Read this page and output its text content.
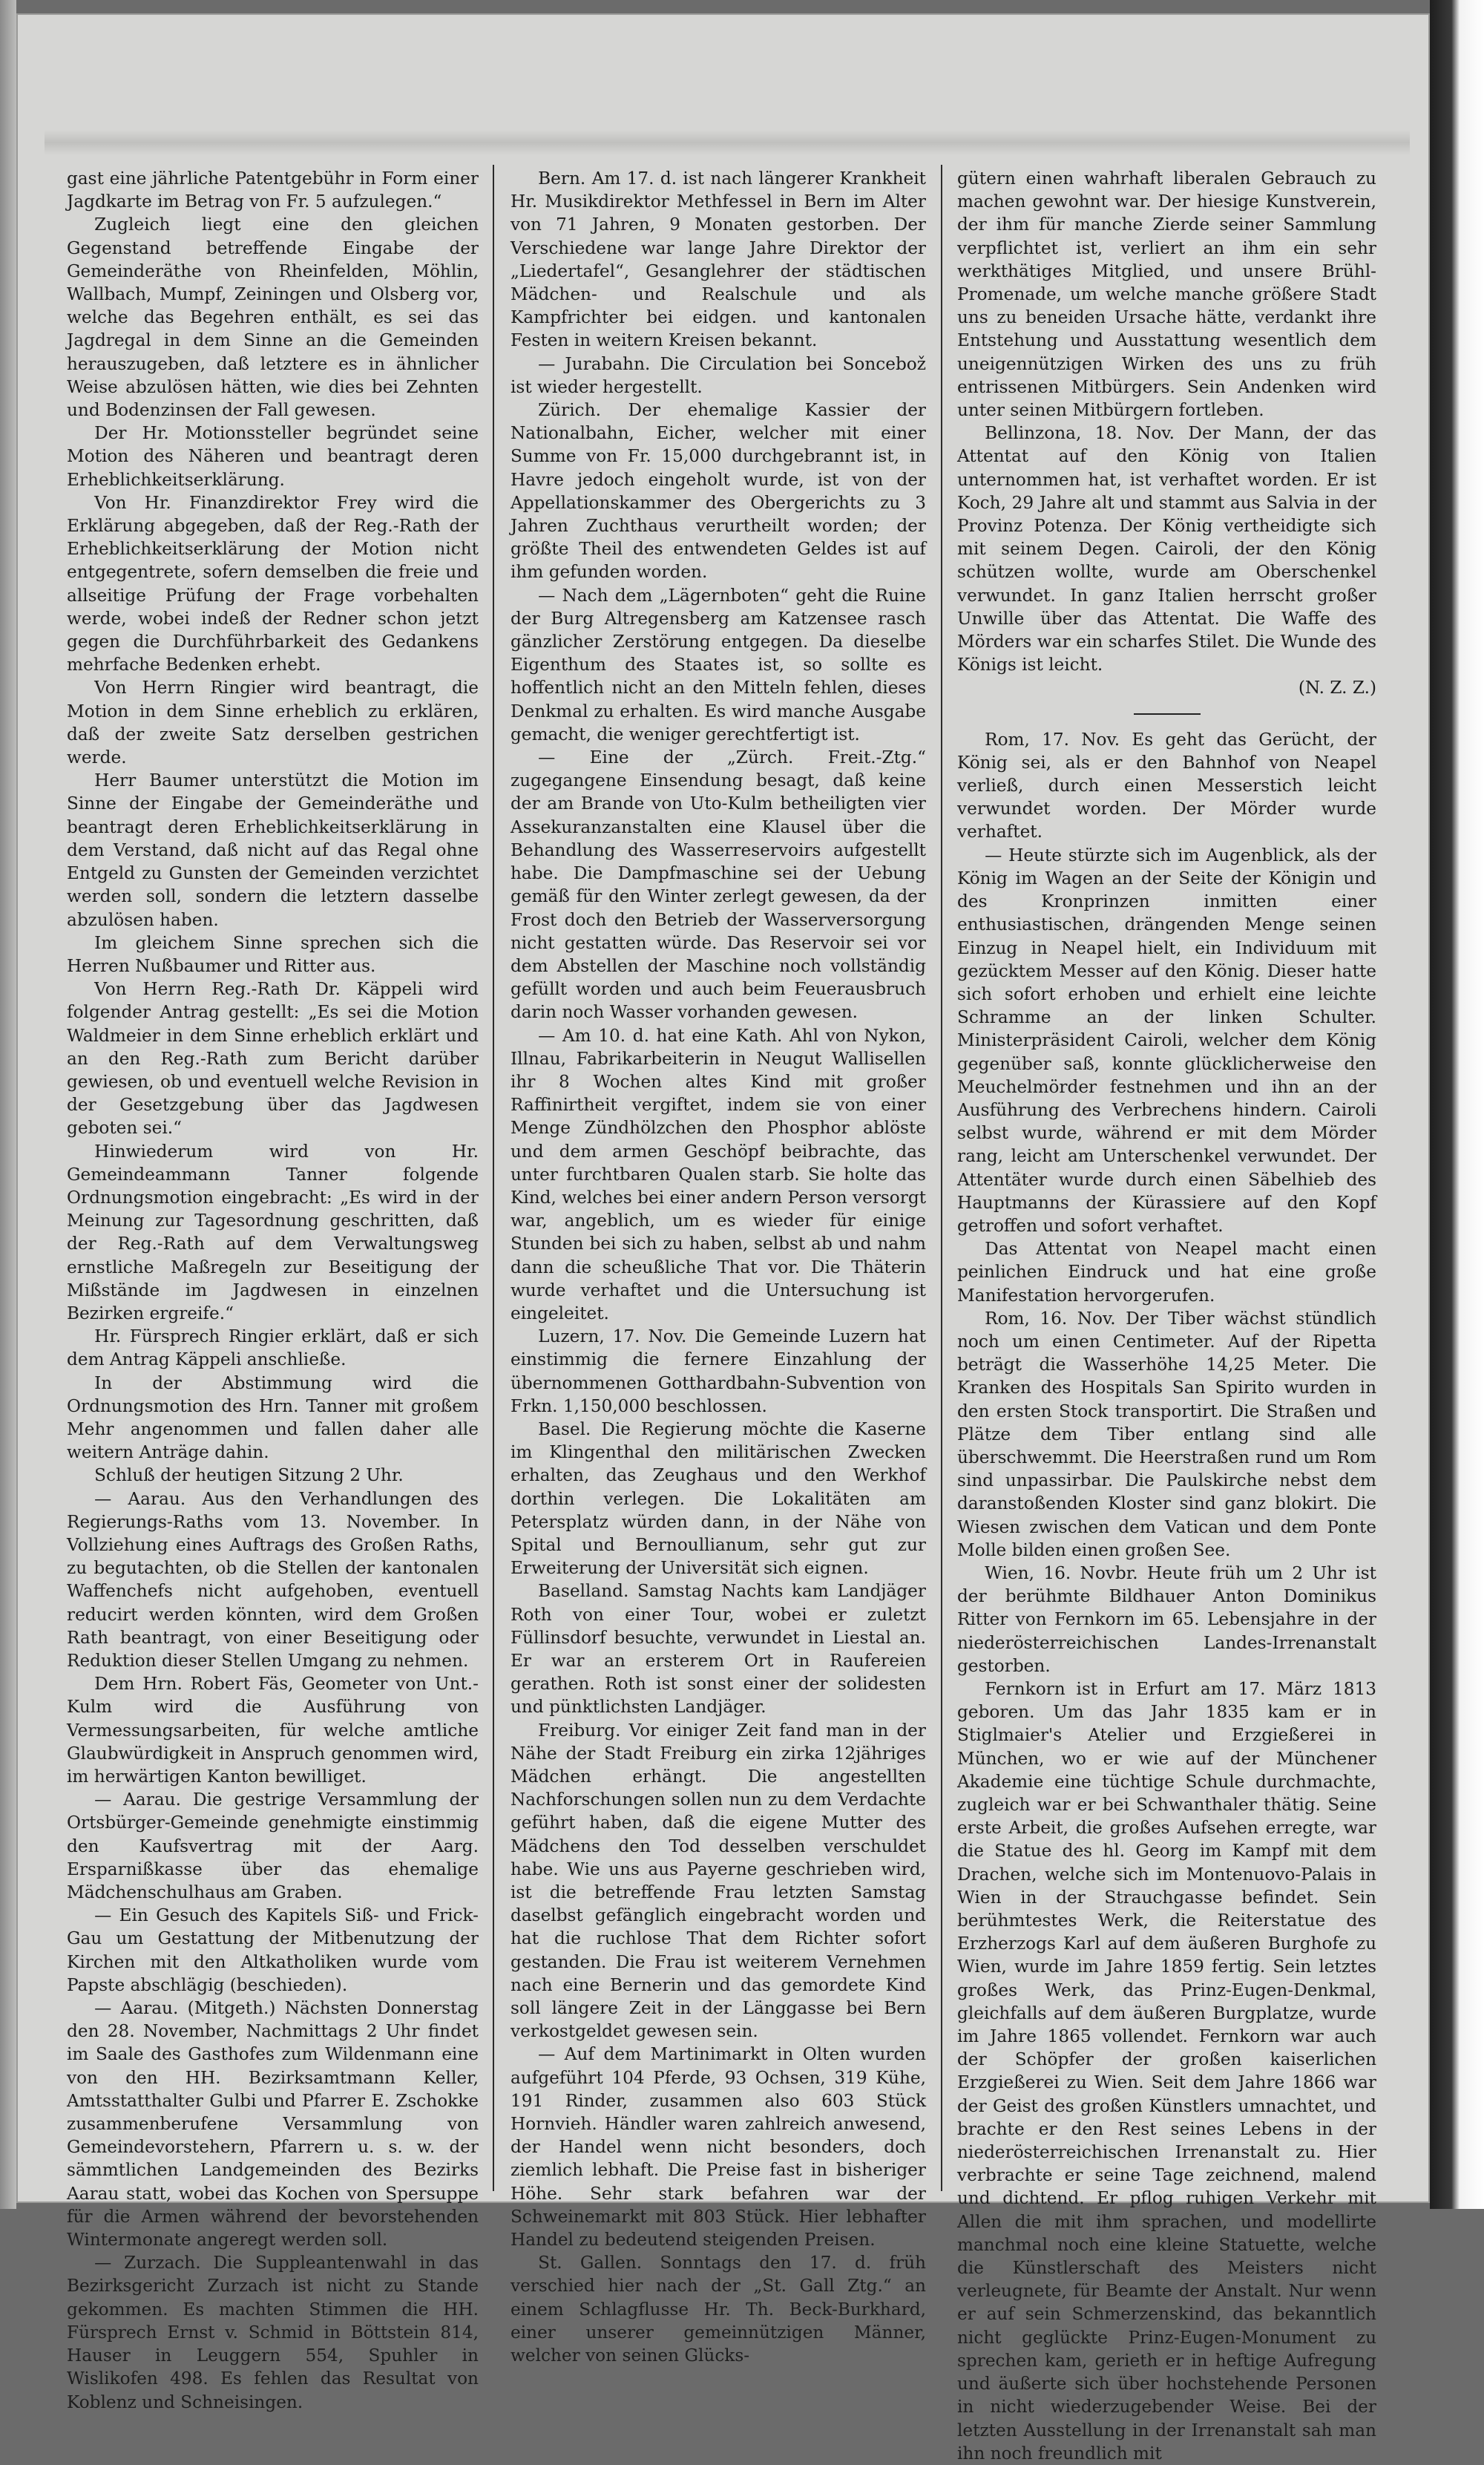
gast eine jährliche Patentgebühr in Form einer Jagdkarte im Betrag von Fr. 5 aufzulegen.“

Zugleich liegt eine den gleichen Gegenstand betreffende Eingabe der Gemeinderäthe von Rheinfelden, Möhlin, Wallbach, Mumpf, Zeiningen und Olsberg vor, welche das Begehren enthält, es sei das Jagdregal in dem Sinne an die Gemeinden herauszugeben, daß letztere es in ähnlicher Weise abzulösen hätten, wie dies bei Zehnten und Bodenzinsen der Fall gewesen.

Der Hr. Motionssteller begründet seine Motion des Näheren und beantragt deren Erheblichkeitserklärung.

Von Hr. Finanzdirektor Frey wird die Erklärung abgegeben, daß der Reg.-Rath der Erheblichkeitserklärung der Motion nicht entgegentrete, sofern demselben die freie und allseitige Prüfung der Frage vorbehalten werde, wobei indeß der Redner schon jetzt gegen die Durchführbarkeit des Gedankens mehrfache Bedenken erhebt.

Von Herrn Ringier wird beantragt, die Motion in dem Sinne erheblich zu erklären, daß der zweite Satz derselben gestrichen werde.

Herr Baumer unterstützt die Motion im Sinne der Eingabe der Gemeinderäthe und beantragt deren Erheblichkeitserklärung in dem Verstand, daß nicht auf das Regal ohne Entgeld zu Gunsten der Gemeinden verzichtet werden soll, sondern die letztern dasselbe abzulösen haben.

Im gleichem Sinne sprechen sich die Herren Nußbaumer und Ritter aus.

Von Herrn Reg.-Rath Dr. Käppeli wird folgender Antrag gestellt: „Es sei die Motion Waldmeier in dem Sinne erheblich erklärt und an den Reg.-Rath zum Bericht darüber gewiesen, ob und eventuell welche Revision in der Gesetzgebung über das Jagdwesen geboten sei.“

Hinwiederum wird von Hr. Gemeindeammann Tanner folgende Ordnungsmotion eingebracht: „Es wird in der Meinung zur Tagesordnung geschritten, daß der Reg.-Rath auf dem Verwaltungsweg ernstliche Maßregeln zur Beseitigung der Mißstände im Jagdwesen in einzelnen Bezirken ergreife.“

Hr. Fürsprech Ringier erklärt, daß er sich dem Antrag Käppeli anschließe.

In der Abstimmung wird die Ordnungsmotion des Hrn. Tanner mit großem Mehr angenommen und fallen daher alle weitern Anträge dahin.

Schluß der heutigen Sitzung 2 Uhr.

— Aarau. Aus den Verhandlungen des Regierungs-Raths vom 13. November. In Vollziehung eines Auftrags des Großen Raths, zu begutachten, ob die Stellen der kantonalen Waffenchefs nicht aufgehoben, eventuell reducirt werden könnten, wird dem Großen Rath beantragt, von einer Beseitigung oder Reduktion dieser Stellen Umgang zu nehmen.

Dem Hrn. Robert Fäs, Geometer von Unt.-Kulm wird die Ausführung von Vermessungsarbeiten, für welche amtliche Glaubwürdigkeit in Anspruch genommen wird, im herwärtigen Kanton bewilliget.

— Aarau. Die gestrige Versammlung der Ortsbürger-Gemeinde genehmigte einstimmig den Kaufsvertrag mit der Aarg. Ersparnißkasse über das ehemalige Mädchenschulhaus am Graben.

— Ein Gesuch des Kapitels Siß- und Frick-Gau um Gestattung der Mitbenutzung der Kirchen mit den Altkatholiken wurde vom Papste abschlägig (beschieden).

— Aarau. (Mitgeth.) Nächsten Donnerstag den 28. November, Nachmittags 2 Uhr findet im Saale des Gasthofes zum Wildenmann eine von den HH. Bezirksamtmann Keller, Amtsstatthalter Gulbi und Pfarrer E. Zschokke zusammenberufene Versammlung von Gemeindevorstehern, Pfarrern u. s. w. der sämmtlichen Landgemeinden des Bezirks Aarau statt, wobei das Kochen von Spersuppe für die Armen während der bevorstehenden Wintermonate angeregt werden soll.

— Zurzach. Die Suppleantenwahl in das Bezirksgericht Zurzach ist nicht zu Stande gekommen. Es machten Stimmen die HH. Fürsprech Ernst v. Schmid in Böttstein 814, Hauser in Leuggern 554, Spuhler in Wislikofen 498. Es fehlen das Resultat von Koblenz und Schneisingen.

Bern. Am 17. d. ist nach längerer Krankheit Hr. Musikdirektor Methfessel in Bern im Alter von 71 Jahren, 9 Monaten gestorben. Der Verschiedene war lange Jahre Direktor der „Liedertafel“, Gesanglehrer der städtischen Mädchen- und Realschule und als Kampfrichter bei eidgen. und kantonalen Festen in weitern Kreisen bekannt.

— Jurabahn. Die Circulation bei Soncebož ist wieder hergestellt.

Zürich. Der ehemalige Kassier der Nationalbahn, Eicher, welcher mit einer Summe von Fr. 15,000 durchgebrannt ist, in Havre jedoch eingeholt wurde, ist von der Appellationskammer des Obergerichts zu 3 Jahren Zuchthaus verurtheilt worden; der größte Theil des entwendeten Geldes ist auf ihm gefunden worden.

— Nach dem „Lägernboten“ geht die Ruine der Burg Altregensberg am Katzensee rasch gänzlicher Zerstörung entgegen. Da dieselbe Eigenthum des Staates ist, so sollte es hoffentlich nicht an den Mitteln fehlen, dieses Denkmal zu erhalten. Es wird manche Ausgabe gemacht, die weniger gerechtfertigt ist.

— Eine der „Zürch. Freit.-Ztg.“ zugegangene Einsendung besagt, daß keine der am Brande von Uto-Kulm betheiligten vier Assekuranzanstalten eine Klausel über die Behandlung des Wasserreservoirs aufgestellt habe. Die Dampfmaschine sei der Uebung gemäß für den Winter zerlegt gewesen, da der Frost doch den Betrieb der Wasserversorgung nicht gestatten würde. Das Reservoir sei vor dem Abstellen der Maschine noch vollständig gefüllt worden und auch beim Feuerausbruch darin noch Wasser vorhanden gewesen.

— Am 10. d. hat eine Kath. Ahl von Nykon, Illnau, Fabrikarbeiterin in Neugut Wallisellen ihr 8 Wochen altes Kind mit großer Raffinirtheit vergiftet, indem sie von einer Menge Zündhölzchen den Phosphor ablöste und dem armen Geschöpf beibrachte, das unter furchtbaren Qualen starb. Sie holte das Kind, welches bei einer andern Person versorgt war, angeblich, um es wieder für einige Stunden bei sich zu haben, selbst ab und nahm dann die scheußliche That vor. Die Thäterin wurde verhaftet und die Untersuchung ist eingeleitet.

Luzern, 17. Nov. Die Gemeinde Luzern hat einstimmig die fernere Einzahlung der übernommenen Gotthardbahn-Subvention von Frkn. 1,150,000 beschlossen.

Basel. Die Regierung möchte die Kaserne im Klingenthal den militärischen Zwecken erhalten, das Zeughaus und den Werkhof dorthin verlegen. Die Lokalitäten am Petersplatz würden dann, in der Nähe von Spital und Bernoullianum, sehr gut zur Erweiterung der Universität sich eignen.

Baselland. Samstag Nachts kam Landjäger Roth von einer Tour, wobei er zuletzt Füllinsdorf besuchte, verwundet in Liestal an. Er war an ersterem Ort in Raufereien gerathen. Roth ist sonst einer der solidesten und pünktlichsten Landjäger.

Freiburg. Vor einiger Zeit fand man in der Nähe der Stadt Freiburg ein zirka 12jähriges Mädchen erhängt. Die angestellten Nachforschungen sollen nun zu dem Verdachte geführt haben, daß die eigene Mutter des Mädchens den Tod desselben verschuldet habe. Wie uns aus Payerne geschrieben wird, ist die betreffende Frau letzten Samstag daselbst gefänglich eingebracht worden und hat die ruchlose That dem Richter sofort gestanden. Die Frau ist weiterem Vernehmen nach eine Bernerin und das gemordete Kind soll längere Zeit in der Länggasse bei Bern verkostgeldet gewesen sein.

— Auf dem Martinimarkt in Olten wurden aufgeführt 104 Pferde, 93 Ochsen, 319 Kühe, 191 Rinder, zusammen also 603 Stück Hornvieh. Händler waren zahlreich anwesend, der Handel wenn nicht besonders, doch ziemlich lebhaft. Die Preise fast in bisheriger Höhe. Sehr stark befahren war der Schweinemarkt mit 803 Stück. Hier lebhafter Handel zu bedeutend steigenden Preisen.

St. Gallen. Sonntags den 17. d. früh verschied hier nach der „St. Gall Ztg.“ an einem Schlagflusse Hr. Th. Beck-Burkhard, einer unserer gemeinnützigen Männer, welcher von seinen Glücks-

gütern einen wahrhaft liberalen Gebrauch zu machen gewohnt war. Der hiesige Kunstverein, der ihm für manche Zierde seiner Sammlung verpflichtet ist, verliert an ihm ein sehr werkthätiges Mitglied, und unsere Brühl-Promenade, um welche manche größere Stadt uns zu beneiden Ursache hätte, verdankt ihre Entstehung und Ausstattung wesentlich dem uneigennützigen Wirken des uns zu früh entrissenen Mitbürgers. Sein Andenken wird unter seinen Mitbürgern fortleben.

Bellinzona, 18. Nov. Der Mann, der das Attentat auf den König von Italien unternommen hat, ist verhaftet worden. Er ist Koch, 29 Jahre alt und stammt aus Salvia in der Provinz Potenza. Der König vertheidigte sich mit seinem Degen. Cairoli, der den König schützen wollte, wurde am Oberschenkel verwundet. In ganz Italien herrscht großer Unwille über das Attentat. Die Waffe des Mörders war ein scharfes Stilet. Die Wunde des Königs ist leicht.

(N. Z. Z.)

Rom, 17. Nov. Es geht das Gerücht, der König sei, als er den Bahnhof von Neapel verließ, durch einen Messerstich leicht verwundet worden. Der Mörder wurde verhaftet.

— Heute stürzte sich im Augenblick, als der König im Wagen an der Seite der Königin und des Kronprinzen inmitten einer enthusiastischen, drängenden Menge seinen Einzug in Neapel hielt, ein Individuum mit gezücktem Messer auf den König. Dieser hatte sich sofort erhoben und erhielt eine leichte Schramme an der linken Schulter. Ministerpräsident Cairoli, welcher dem König gegenüber saß, konnte glücklicherweise den Meuchelmörder festnehmen und ihn an der Ausführung des Verbrechens hindern. Cairoli selbst wurde, während er mit dem Mörder rang, leicht am Unterschenkel verwundet. Der Attentäter wurde durch einen Säbelhieb des Hauptmanns der Kürassiere auf den Kopf getroffen und sofort verhaftet.

Das Attentat von Neapel macht einen peinlichen Eindruck und hat eine große Manifestation hervorgerufen.

Rom, 16. Nov. Der Tiber wächst stündlich noch um einen Centimeter. Auf der Ripetta beträgt die Wasserhöhe 14,25 Meter. Die Kranken des Hospitals San Spirito wurden in den ersten Stock transportirt. Die Straßen und Plätze dem Tiber entlang sind alle überschwemmt. Die Heerstraßen rund um Rom sind unpassirbar. Die Paulskirche nebst dem daranstoßenden Kloster sind ganz blokirt. Die Wiesen zwischen dem Vatican und dem Ponte Molle bilden einen großen See.

Wien, 16. Novbr. Heute früh um 2 Uhr ist der berühmte Bildhauer Anton Dominikus Ritter von Fernkorn im 65. Lebensjahre in der niederösterreichischen Landes-Irrenanstalt gestorben.

Fernkorn ist in Erfurt am 17. März 1813 geboren. Um das Jahr 1835 kam er in Stiglmaier's Atelier und Erzgießerei in München, wo er wie auf der Münchener Akademie eine tüchtige Schule durchmachte, zugleich war er bei Schwanthaler thätig. Seine erste Arbeit, die großes Aufsehen erregte, war die Statue des hl. Georg im Kampf mit dem Drachen, welche sich im Montenuovo-Palais in Wien in der Strauchgasse befindet. Sein berühmtestes Werk, die Reiterstatue des Erzherzogs Karl auf dem äußeren Burghofe zu Wien, wurde im Jahre 1859 fertig. Sein letztes großes Werk, das Prinz-Eugen-Denkmal, gleichfalls auf dem äußeren Burgplatze, wurde im Jahre 1865 vollendet. Fernkorn war auch der Schöpfer der großen kaiserlichen Erzgießerei zu Wien. Seit dem Jahre 1866 war der Geist des großen Künstlers umnachtet, und brachte er den Rest seines Lebens in der niederösterreichischen Irrenanstalt zu. Hier verbrachte er seine Tage zeichnend, malend und dichtend. Er pflog ruhigen Verkehr mit Allen die mit ihm sprachen, und modellirte manchmal noch eine kleine Statuette, welche die Künstlerschaft des Meisters nicht verleugnete, für Beamte der Anstalt. Nur wenn er auf sein Schmerzenskind, das bekanntlich nicht geglückte Prinz-Eugen-Monument zu sprechen kam, gerieth er in heftige Aufregung und äußerte sich über hochstehende Personen in nicht wiederzugebender Weise. Bei der letzten Ausstellung in der Irrenanstalt sah man ihn noch freundlich mit
